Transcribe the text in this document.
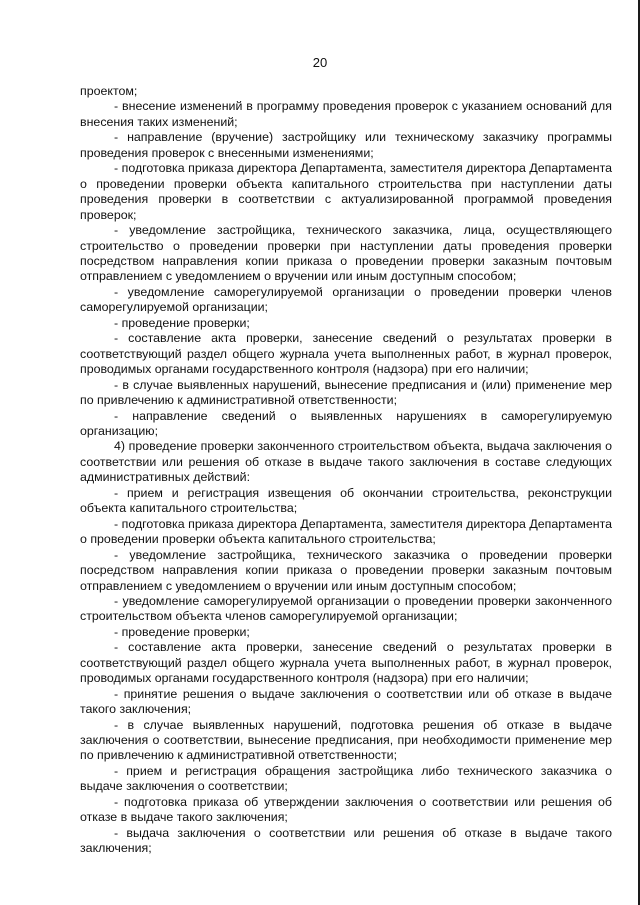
20

проектом;

- внесение изменений в программу проведения проверок с указанием оснований для внесения таких изменений;

- направление (вручение) застройщику или техническому заказчику программы проведения проверок с внесенными изменениями;

- подготовка приказа директора Департамента, заместителя директора Департамента о проведении проверки объекта капитального строительства при наступлении даты проведения проверки в соответствии с актуализированной программой проведения проверок;

- уведомление застройщика, технического заказчика, лица, осуществляющего строительство о проведении проверки при наступлении даты проведения проверки посредством направления копии приказа о проведении проверки заказным почтовым отправлением с уведомлением о вручении или иным доступным способом;

- уведомление саморегулируемой организации о проведении проверки членов саморегулируемой организации;

- проведение проверки;

- составление акта проверки, занесение сведений о результатах проверки в соответствующий раздел общего журнала учета выполненных работ, в журнал проверок, проводимых органами государственного контроля (надзора) при его наличии;

- в случае выявленных нарушений, вынесение предписания и (или) применение мер по привлечению к административной ответственности;

- направление сведений о выявленных нарушениях в саморегулируемую организацию;

4) проведение проверки законченного строительством объекта, выдача заключения о соответствии или решения об отказе в выдаче такого заключения в составе следующих административных действий:

- прием и регистрация извещения об окончании строительства, реконструкции объекта капитального строительства;

- подготовка приказа директора Департамента, заместителя директора Департамента о проведении проверки объекта капитального строительства;

- уведомление застройщика, технического заказчика о проведении проверки посредством направления копии приказа о проведении проверки заказным почтовым отправлением с уведомлением о вручении или иным доступным способом;

- уведомление саморегулируемой организации о проведении проверки законченного строительством объекта членов саморегулируемой организации;

- проведение проверки;

- составление акта проверки, занесение сведений о результатах проверки в соответствующий раздел общего журнала учета выполненных работ, в журнал проверок, проводимых органами государственного контроля (надзора) при его наличии;

- принятие решения о выдаче заключения о соответствии или об отказе в выдаче такого заключения;

- в случае выявленных нарушений, подготовка решения об отказе в выдаче заключения о соответствии, вынесение предписания, при необходимости применение мер по привлечению к административной ответственности;

- прием и регистрация обращения застройщика либо технического заказчика о выдаче заключения о соответствии;

- подготовка приказа об утверждении заключения о соответствии или решения об отказе в выдаче такого заключения;

- выдача заключения о соответствии или решения об отказе в выдаче такого заключения;
